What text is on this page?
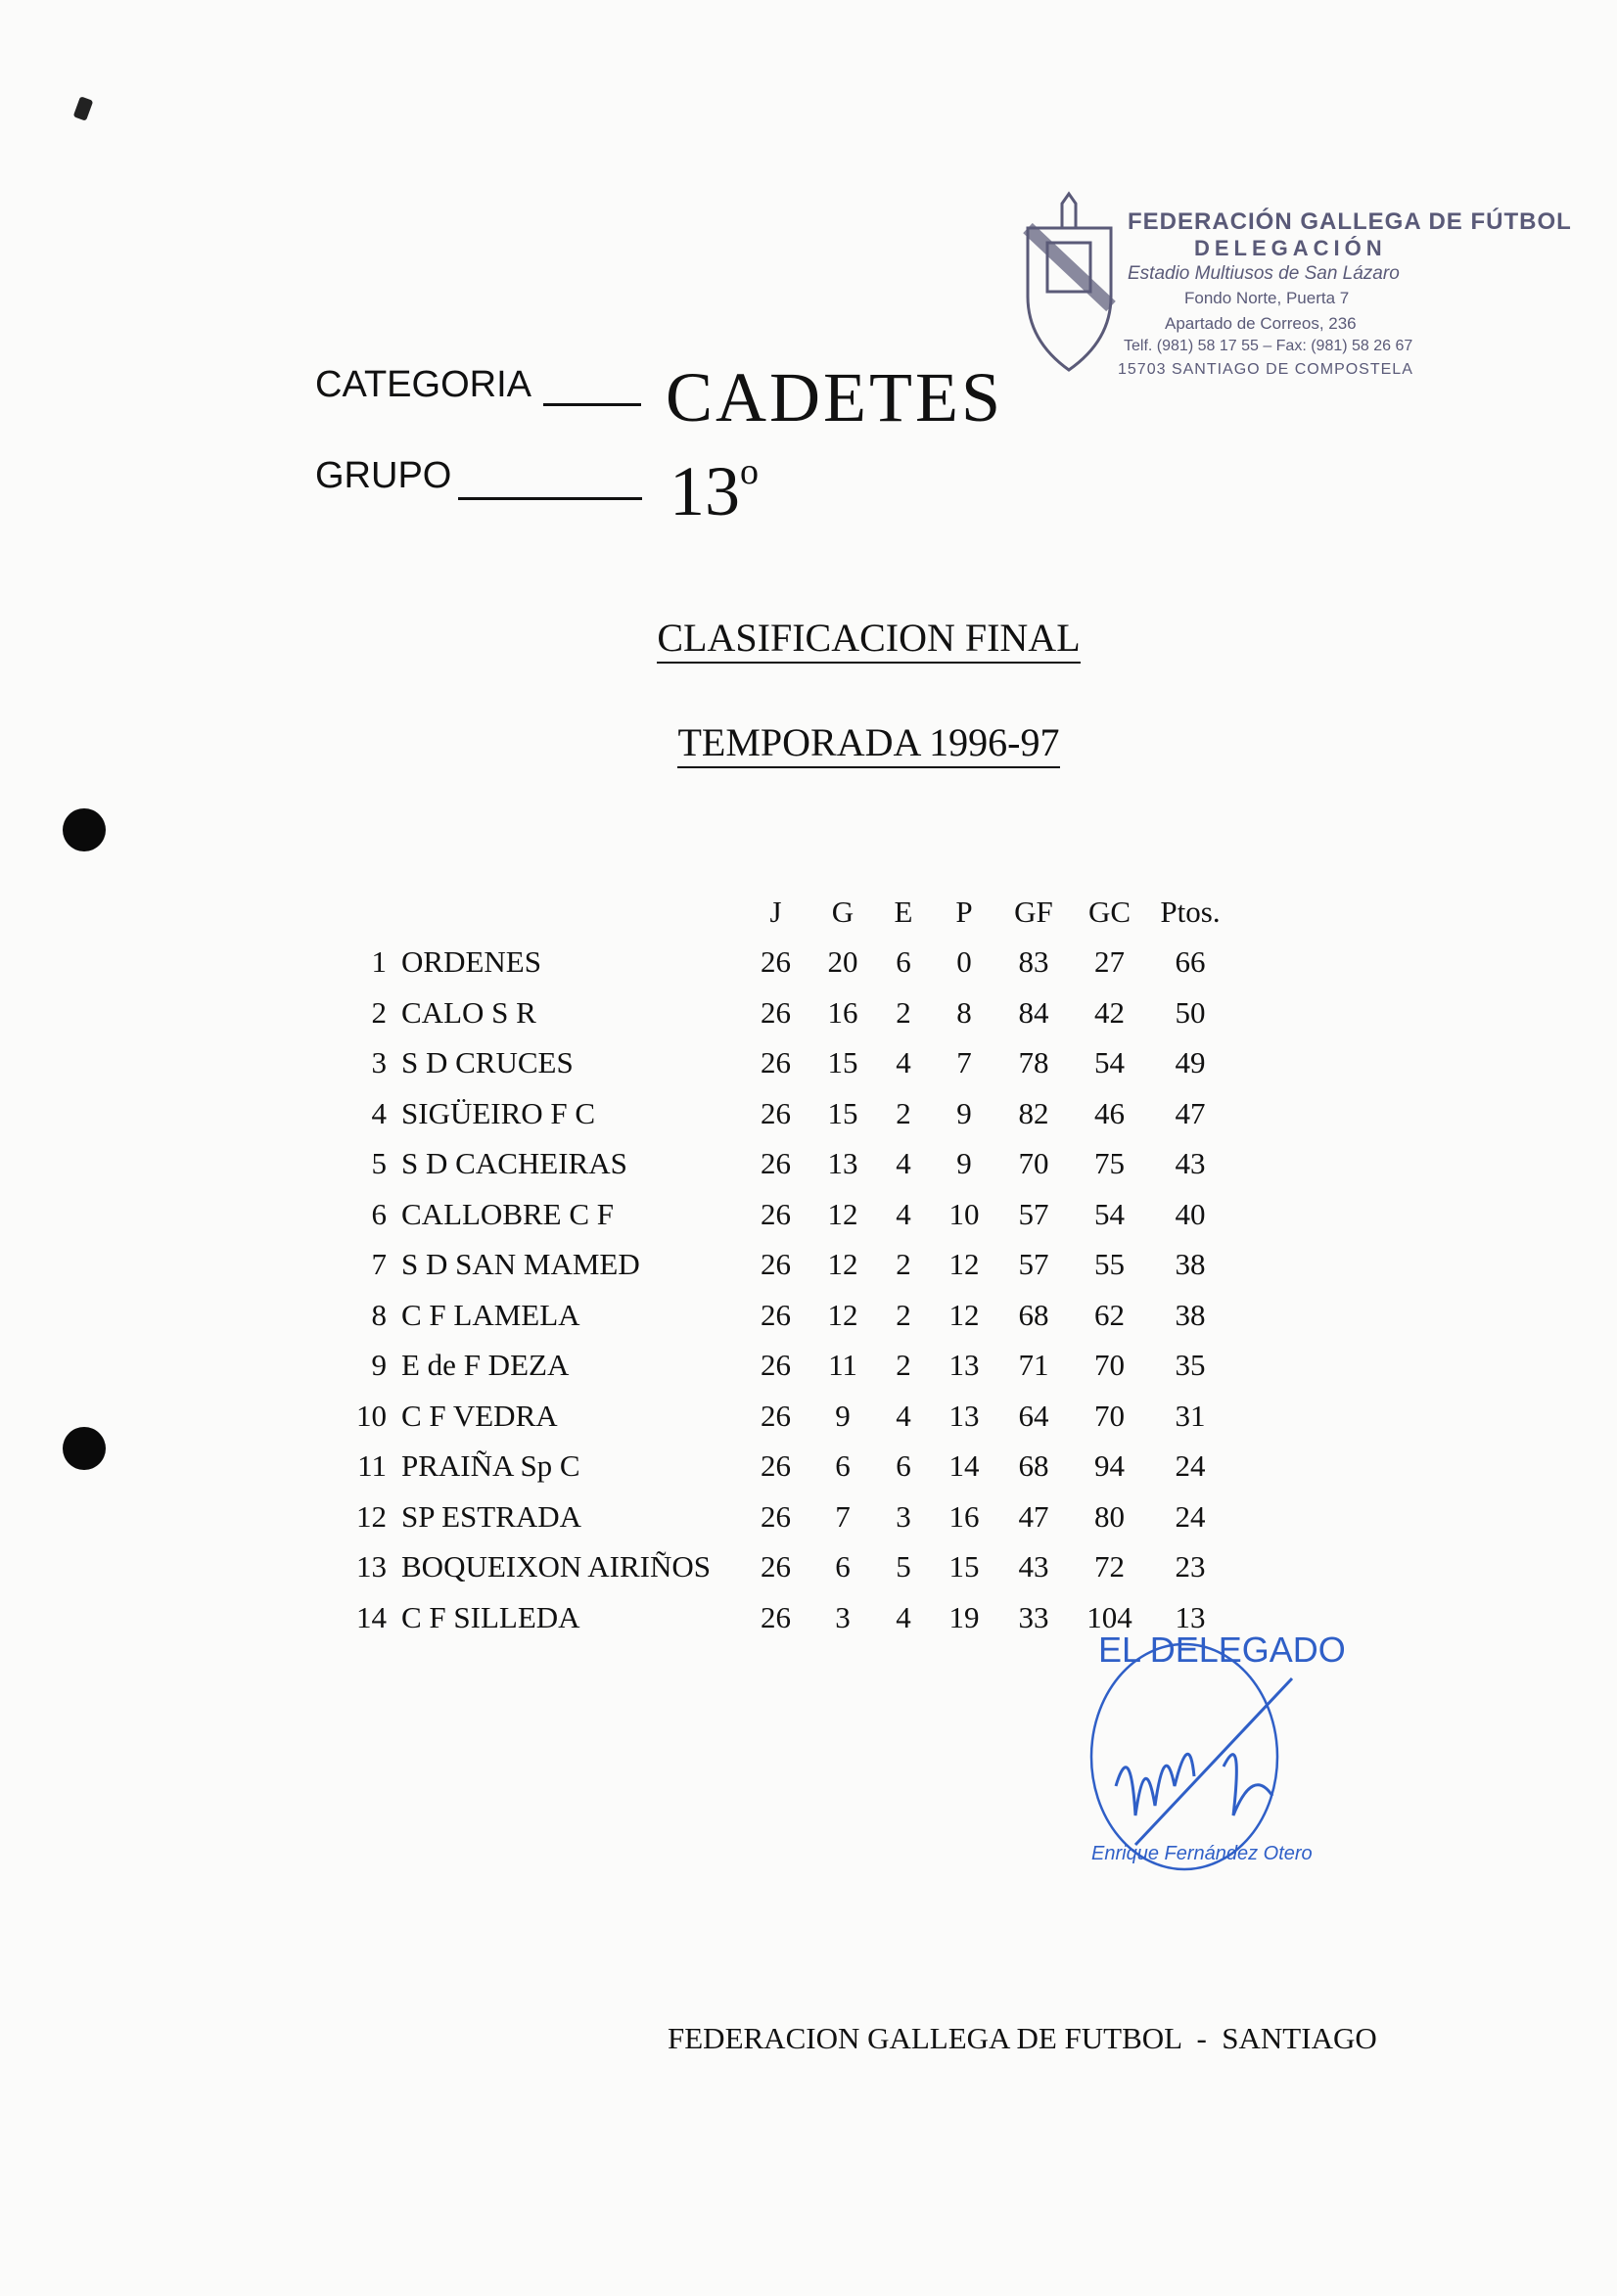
CATEGORIA CADETES
GRUPO	13$^o$
FEDERACIÓN GALLEGA DE FÚTBOL
DELEGACIÓN
Estadio Multiusos de San Lázaro
Fondo Norte, Puerta 7
Apartado de Correos, 236
Telf. (981) 58 17 55 – Fax: (981) 58 26 67
15703 SANTIAGO DE COMPOSTELA
CLASIFICACION FINAL
TEMPORADA 1996-97
		J	G	E	P	GF	GC	Ptos.
1	ORDENES	26	20	6	0	83	27	66
2	CALO S R	26	16	2	8	84	42	50
3	S D CRUCES	26	15	4	7	78	54	49
4	SIGÜEIRO F C	26	15	2	9	82	46	47
5	S D CACHEIRAS	26	13	4	9	70	75	43
6	CALLOBRE C F	26	12	4	10	57	54	40
7	S D SAN MAMED	26	12	2	12	57	55	38
8	C F LAMELA	26	12	2	12	68	62	38
9	E de F DEZA	26	11	2	13	71	70	35
10	C F VEDRA	26	9	4	13	64	70	31
11	PRAIÑA Sp C	26	6	6	14	68	94	24
12	SP ESTRADA	26	7	3	16	47	80	24
13	BOQUEIXON AIRIÑOS	26	6	5	15	43	72	23
14	C F SILLEDA	26	3	4	19	33	104	13
EL DELEGADO
Enrique Fernández Otero
FEDERACION GALLEGA DE FUTBOL  -  SANTIAGO
